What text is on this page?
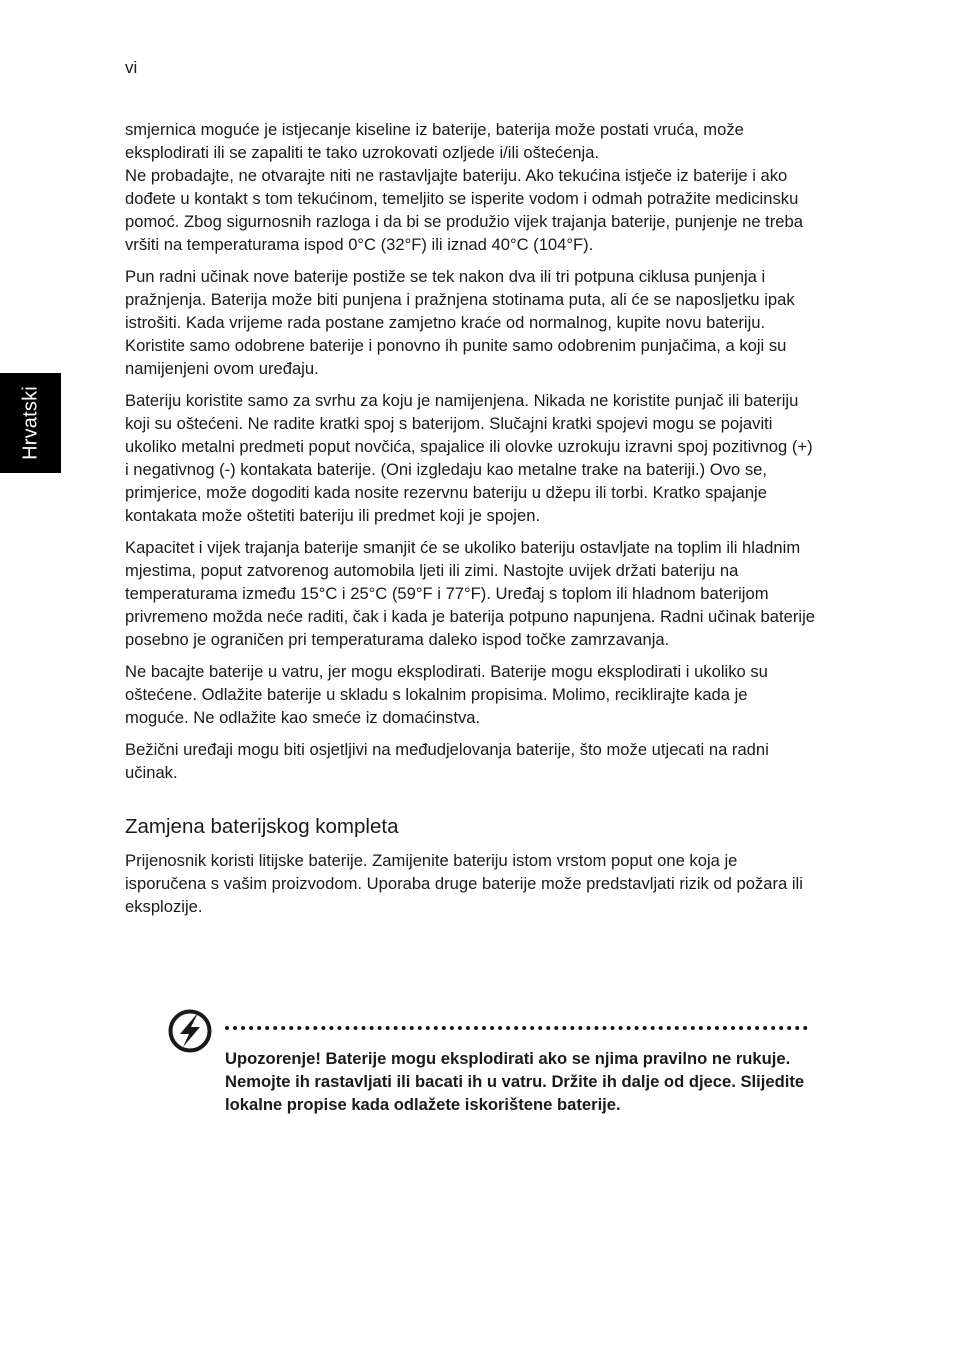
vi
Hrvatski

smjernica moguće je istjecanje kiseline iz baterije, baterija može postati vruća, može eksplodirati ili se zapaliti te tako uzrokovati ozljede i/ili oštećenja.

Ne probadajte, ne otvarajte niti ne rastavljajte bateriju. Ako tekućina istječe iz baterije i ako dođete u kontakt s tom tekućinom, temeljito se isperite vodom i odmah potražite medicinsku pomoć. Zbog sigurnosnih razloga i da bi se produžio vijek trajanja baterije, punjenje ne treba vršiti na temperaturama ispod 0°C (32°F) ili iznad 40°C (104°F).

Pun radni učinak nove baterije postiže se tek nakon dva ili tri potpuna ciklusa punjenja i pražnjenja. Baterija može biti punjena i pražnjena stotinama puta, ali će se naposljetku ipak istrošiti. Kada vrijeme rada postane zamjetno kraće od normalnog, kupite novu bateriju. Koristite samo odobrene baterije i ponovno ih punite samo odobrenim punjačima, a koji su namijenjeni ovom uređaju.

Bateriju koristite samo za svrhu za koju je namijenjena. Nikada ne koristite punjač ili bateriju koji su oštećeni. Ne radite kratki spoj s baterijom. Slučajni kratki spojevi mogu se pojaviti ukoliko metalni predmeti poput novčića, spajalice ili olovke uzrokuju izravni spoj pozitivnog (+) i negativnog (-) kontakata baterije. (Oni izgledaju kao metalne trake na bateriji.) Ovo se, primjerice, može dogoditi kada nosite rezervnu bateriju u džepu ili torbi. Kratko spajanje kontakata može oštetiti bateriju ili predmet koji je spojen.

Kapacitet i vijek trajanja baterije smanjit će se ukoliko bateriju ostavljate na toplim ili hladnim mjestima, poput zatvorenog automobila ljeti ili zimi. Nastojte uvijek držati bateriju na temperaturama između 15°C i 25°C (59°F i 77°F). Uređaj s toplom ili hladnom baterijom privremeno možda neće raditi, čak i kada je baterija potpuno napunjena. Radni učinak baterije posebno je ograničen pri temperaturama daleko ispod točke zamrzavanja.

Ne bacajte baterije u vatru, jer mogu eksplodirati. Baterije mogu eksplodirati i ukoliko su oštećene. Odlažite baterije u skladu s lokalnim propisima. Molimo, reciklirajte kada je moguće. Ne odlažite kao smeće iz domaćinstva.

Bežični uređaji mogu biti osjetljivi na međudjelovanja baterije, što može utjecati na radni učinak.

Zamjena baterijskog kompleta

Prijenosnik koristi litijske baterije. Zamijenite bateriju istom vrstom poput one koja je isporučena s vašim proizvodom. Uporaba druge baterije može predstavljati rizik od požara ili eksplozije.

Upozorenje! Baterije mogu eksplodirati ako se njima pravilno ne rukuje. Nemojte ih rastavljati ili bacati ih u vatru. Držite ih dalje od djece. Slijedite lokalne propise kada odlažete iskorištene baterije.
